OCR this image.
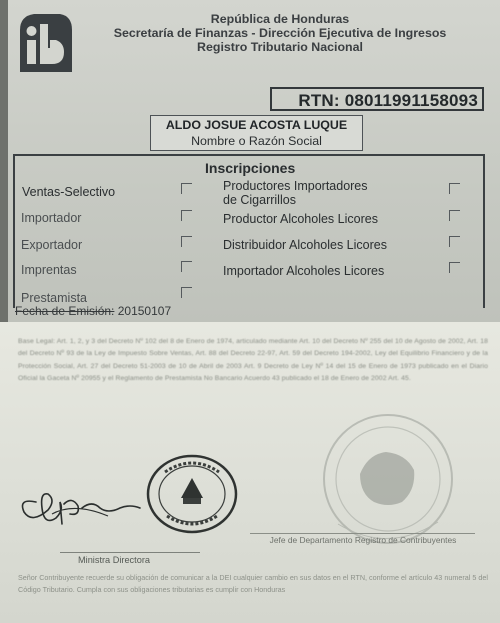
República de Honduras
Secretaría de Finanzas - Dirección Ejecutiva de Ingresos
Registro Tributario Nacional
RTN: 08011991158093
ALDO JOSUE ACOSTA LUQUE
Nombre o Razón Social
Inscripciones
Ventas-Selectivo
Importador
Exportador
Imprentas
Prestamista
Productores Importadores
de Cigarrillos
Productor Alcoholes Licores
Distribuidor Alcoholes Licores
Importador Alcoholes Licores
Fecha de Emisión: 20150107
Base Legal: Art. 1, 2, y 3 del Decreto Nº 102 del 8 de Enero de 1974, articulado mediante Art. 10 del Decreto Nº 255 del 10 de Agosto de 2002, Art. 18 del Decreto Nº 93 de la Ley de Impuesto Sobre Ventas, Art. 88 del Decreto 22-97, Art. 59 del Decreto 194-2002, Ley del Equilibrio Financiero y de la Protección Social, Art. 27 del Decreto 51-2003 de 10 de Abril de 2003 Art. 9 Decreto de Ley Nº 14 del 15 de Enero de 1973 publicado en el Diario Oficial la Gaceta Nº 20955 y el Reglamento de Prestamista No Bancario Acuerdo 43 publicado el 18 de Enero de 2002 Art. 45.
Ministra Directora
Jefe de Departamento Registro de Contribuyentes
Señor Contribuyente recuerde su obligación de comunicar a la DEI cualquier cambio en sus datos en el RTN, conforme el artículo 43 numeral 5 del Código Tributario. Cumpla con sus obligaciones tributarias es cumplir con Honduras
